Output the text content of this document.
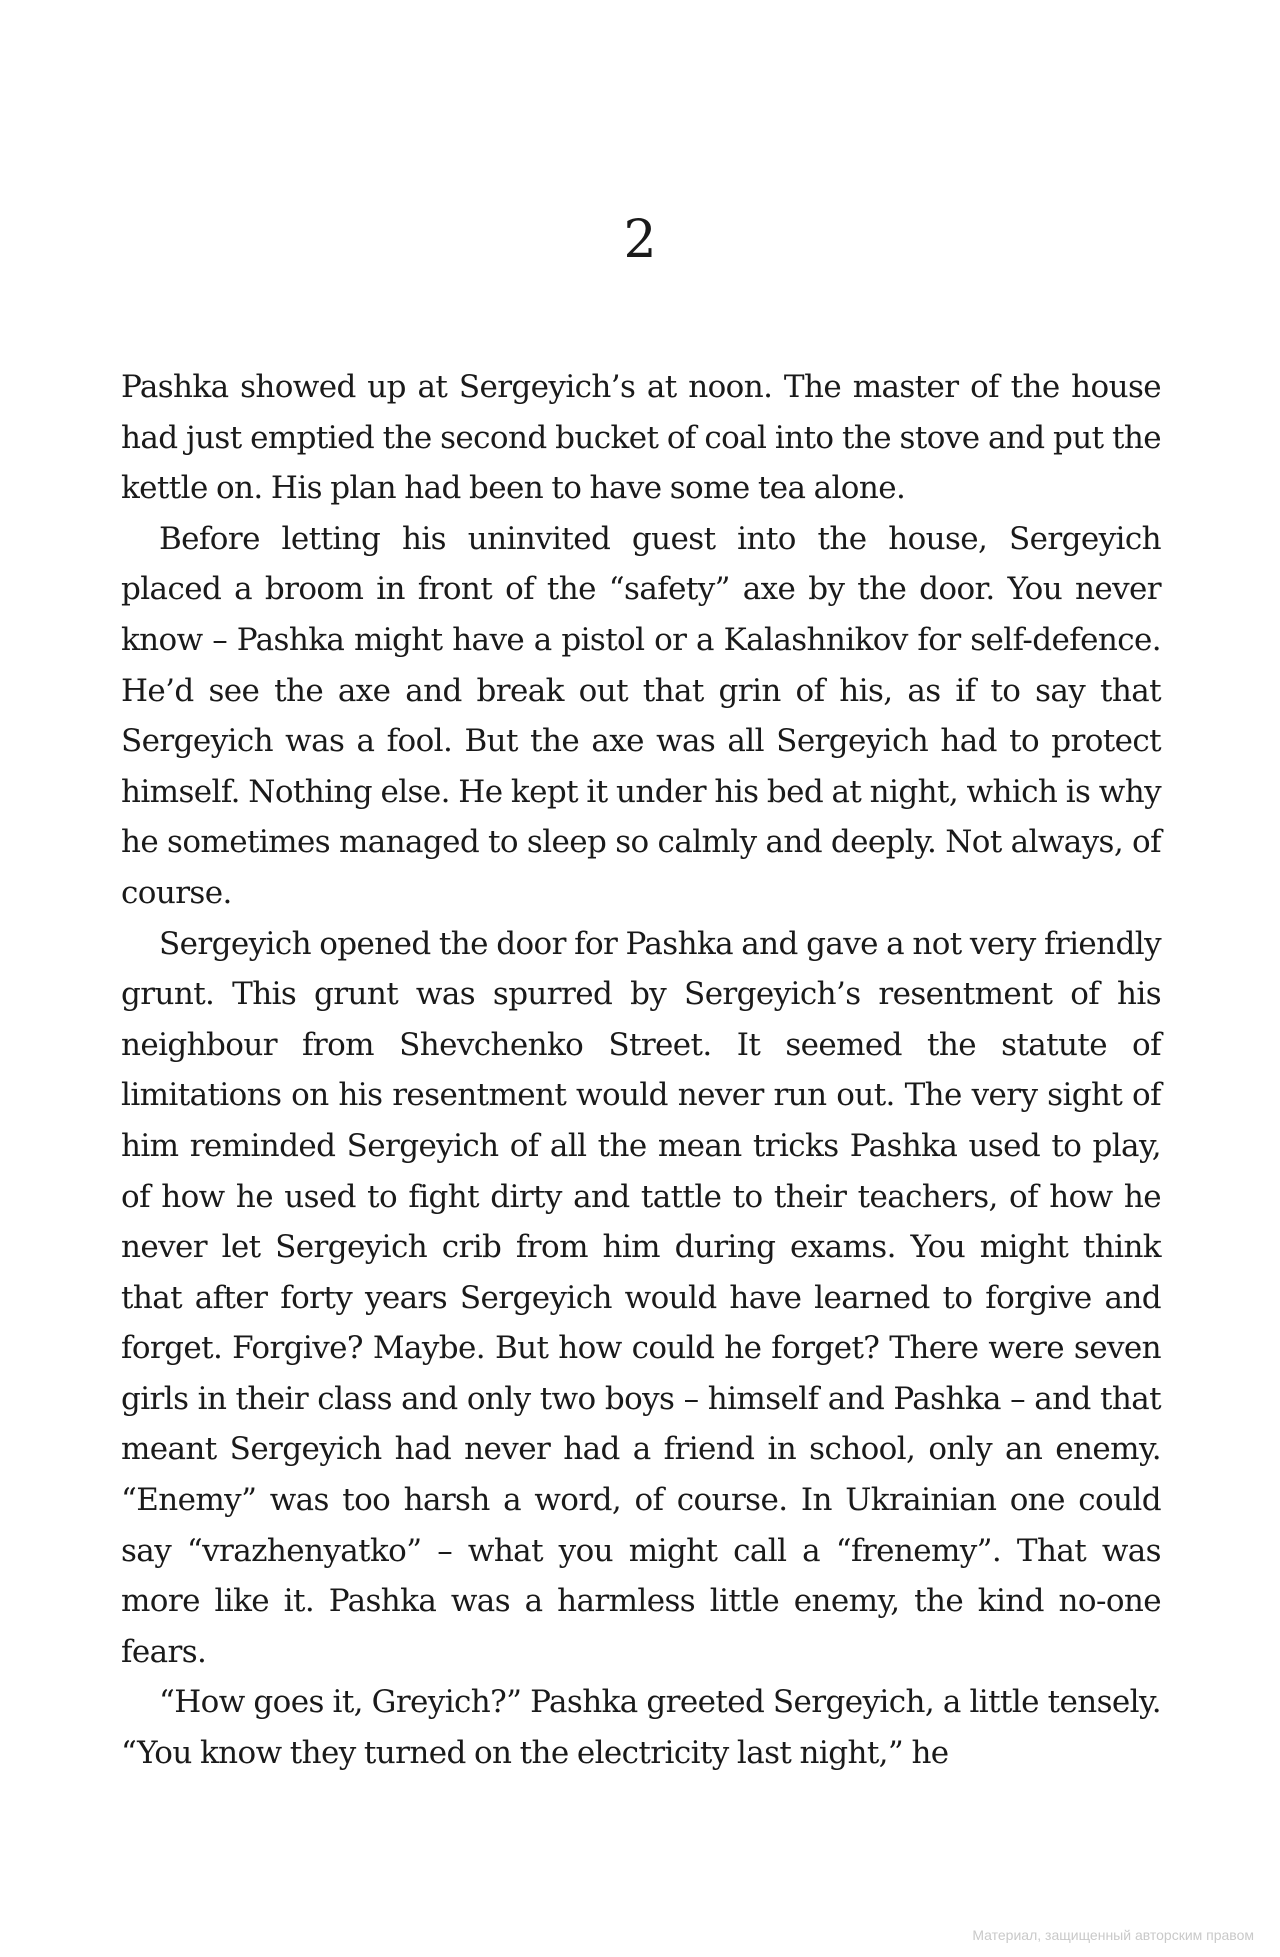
2

Pashka showed up at Sergeyich’s at noon. The master of the house had just emptied the second bucket of coal into the stove and put the kettle on. His plan had been to have some tea alone.

Before letting his uninvited guest into the house, Sergeyich placed a broom in front of the “safety” axe by the door. You never know – Pashka might have a pistol or a Kalashnikov for self-defence. He’d see the axe and break out that grin of his, as if to say that Sergeyich was a fool. But the axe was all Sergeyich had to protect himself. Nothing else. He kept it under his bed at night, which is why he sometimes managed to sleep so calmly and deeply. Not always, of course.

Sergeyich opened the door for Pashka and gave a not very friendly grunt. This grunt was spurred by Sergeyich’s resentment of his neighbour from Shevchenko Street. It seemed the statute of limitations on his resentment would never run out. The very sight of him reminded Sergeyich of all the mean tricks Pashka used to play, of how he used to fight dirty and tattle to their teachers, of how he never let Sergeyich crib from him during exams. You might think that after forty years Sergeyich would have learned to forgive and forget. Forgive? Maybe. But how could he forget? There were seven girls in their class and only two boys – himself and Pashka – and that meant Sergeyich had never had a friend in school, only an enemy. “Enemy” was too harsh a word, of course. In Ukrainian one could say “vrazhenyatko” – what you might call a “frenemy”. That was more like it. Pashka was a harmless little enemy, the kind no-one fears.

“How goes it, Greyich?” Pashka greeted Sergeyich, a little tensely. “You know they turned on the electricity last night,” he

Материал, защищенный авторским правом
